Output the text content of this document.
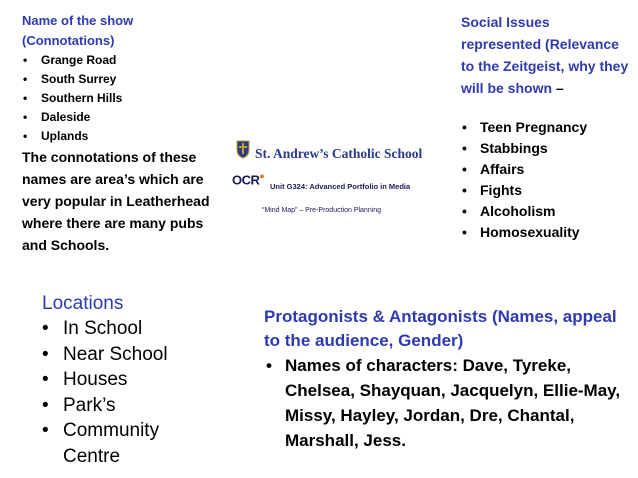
Name of the show
(Connotations)
• Grange Road
• South Surrey
• Southern Hills
• Daleside
• Uplands
The connotations of these names are area’s which are very popular in Leatherhead where there are many pubs and Schools.
Social Issues represented (Relevance to the Zeitgeist, why they will be shown –
• Teen Pregnancy
• Stabbings
• Affairs
• Fights
• Alcoholism
• Homosexuality
St. Andrew’s Catholic School
OCR●
Unit G324: Advanced Portfolio in Media
“Mind Map” – Pre-Production Planning
Locations
• In School
• Near School
• Houses
• Park’s
• Community Centre
Protagonists & Antagonists (Names, appeal to the audience, Gender)
• Names of characters: Dave, Tyreke, Chelsea, Shayquan, Jacquelyn, Ellie-May, Missy, Hayley, Jordan, Dre, Chantal, Marshall, Jess.
